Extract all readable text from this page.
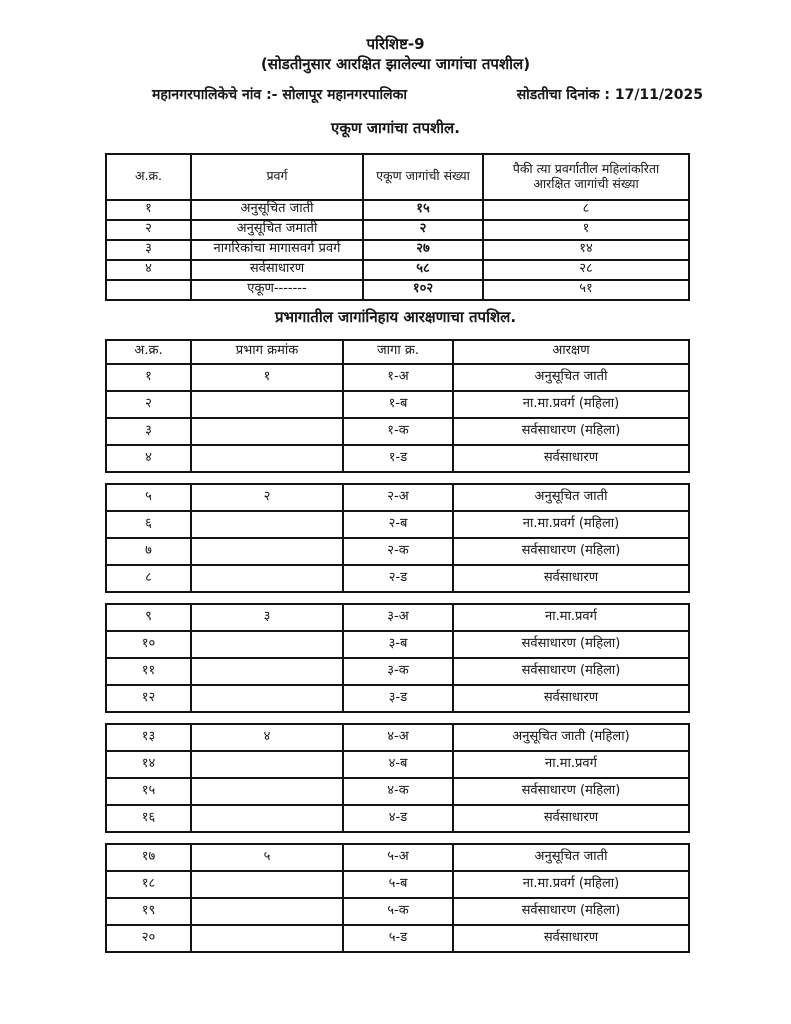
परिशिष्ट-9

(सोडतीनुसार आरक्षित झालेल्या जागांचा तपशील)

महानगरपालिकेचे नांव :- सोलापूर महानगरपालिका	सोडतीचा दिनांक : 17/11/2025

एकूण जागांचा तपशील.

अ.क्र.	प्रवर्ग	एकूण जागांची संख्या	पैकी त्या प्रवर्गातील महिलांकरिता
आरक्षित जागांची संख्या

१	अनुसूचित जाती	१५	८
२	अनुसूचित जमाती	२	१
३	नागरिकांचा मागासवर्ग प्रवर्ग	२७	१४
४	सर्वसाधारण	५८	२८
	एकूण-------	१०२	५१

प्रभागातील जागांनिहाय आरक्षणाचा तपशिल.

अ.क्र.	प्रभाग क्रमांक	जागा क्र.	आरक्षण
१	१	१-अ	अनुसूचित जाती
२		१-ब	ना.मा.प्रवर्ग (महिला)
३		१-क	सर्वसाधारण (महिला)
४		१-ड	सर्वसाधारण
५	२	२-अ	अनुसूचित जाती
६		२-ब	ना.मा.प्रवर्ग (महिला)
७		२-क	सर्वसाधारण (महिला)
८		२-ड	सर्वसाधारण
९	३	३-अ	ना.मा.प्रवर्ग
१०		३-ब	सर्वसाधारण (महिला)
११		३-क	सर्वसाधारण (महिला)
१२		३-ड	सर्वसाधारण
१३	४	४-अ	अनुसूचित जाती (महिला)
१४		४-ब	ना.मा.प्रवर्ग
१५		४-क	सर्वसाधारण (महिला)
१६		४-ड	सर्वसाधारण
१७	५	५-अ	अनुसूचित जाती
१८		५-ब	ना.मा.प्रवर्ग (महिला)
१९		५-क	सर्वसाधारण (महिला)
२०		५-ड	सर्वसाधारण
